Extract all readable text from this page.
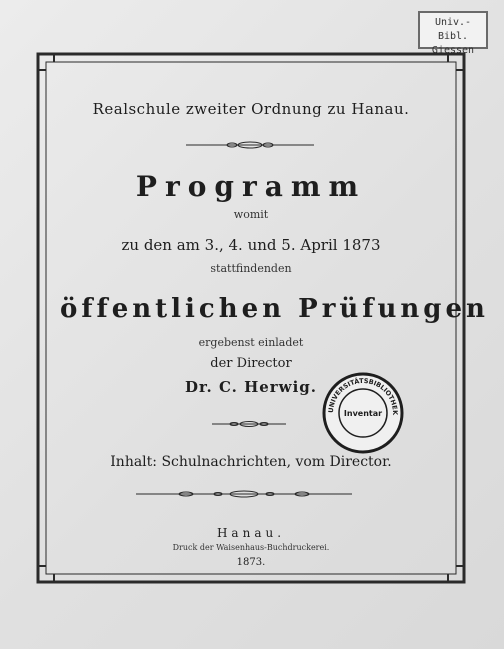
Univ.-Bibl.
Giessen
Realschule zweiter Ordnung zu Hanau.
Programm
womit
zu den am 3., 4. und 5. April 1873
stattfindenden
öffentlichen Prüfungen
ergebenst einladet
der Director
Dr. C. Herwig.
Inhalt: Schulnachrichten, vom Director.
Hanau.
Druck der Waisenhaus-Buchdruckerei.
1873.
UNIVERSITÄTSBIBLIOTHEK
Inventar
